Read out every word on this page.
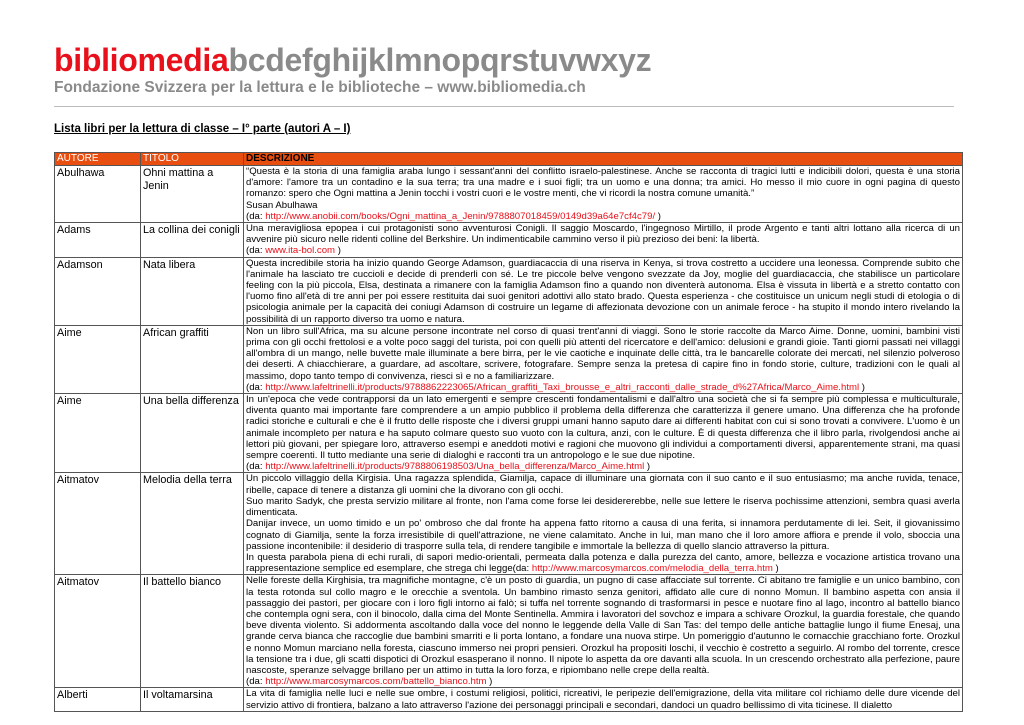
bibliomediabcdefghijklmnopqrstuvwxyz
Fondazione Svizzera per la lettura e le biblioteche – www.bibliomedia.ch
Lista libri per la lettura di classe – I° parte (autori A – I)
AUTORE	TITOLO	DESCRIZIONE
Abulhawa	Ohni mattina a Jenin	“Questa è la storia di una famiglia araba lungo i sessant'anni del conflitto israelo-palestinese. Anche se racconta di tragici lutti e indicibili dolori, questa è una storia d'amore: l'amore tra un contadino e la sua terra; tra una madre e i suoi figli; tra un uomo e una donna; tra amici. Ho messo il mio cuore in ogni pagina di questo romanzo: spero che Ogni mattina a Jenin tocchi i vostri cuori e le vostre menti, che vi ricordi la nostra comune umanità.”

Susan Abulhawa

(da: http://www.anobii.com/books/Ogni_mattina_a_Jenin/9788807018459/0149d39a64e7cf4c79/ )

Adams	La collina dei conigli	Una meravigliosa epopea i cui protagonisti sono avventurosi Conigli. Il saggio Moscardo, l'ingegnoso Mirtillo, il prode Argento e tanti altri lottano alla ricerca di un avvenire più sicuro nelle ridenti colline del Berkshire. Un indimenticabile cammino verso il più prezioso dei beni: la libertà.

(da: www.ita-bol.com )

Adamson	Nata libera	Questa incredibile storia ha inizio quando George Adamson, guardiacaccia di una riserva in Kenya, si trova costretto a uccidere una leonessa. Comprende subito che l'animale ha lasciato tre cuccioli e decide di prenderli con sé. Le tre piccole belve vengono svezzate da Joy, moglie del guardiacaccia, che stabilisce un particolare feeling con la più piccola, Elsa, destinata a rimanere con la famiglia Adamson fino a quando non diventerà autonoma. Elsa è vissuta in libertà e a stretto contatto con l'uomo fino all'età di tre anni per poi essere restituita dai suoi genitori adottivi allo stato brado. Questa esperienza - che costituisce un unicum negli studi di etologia o di psicologia animale per la capacità dei coniugi Adamson di costruire un legame di affezionata devozione con un animale feroce - ha stupito il mondo intero rivelando la possibilità di un rapporto diverso tra uomo e natura.

Aime	African graffiti	Non un libro sull'Africa, ma su alcune persone incontrate nel corso di quasi trent'anni di viaggi. Sono le storie raccolte da Marco Aime. Donne, uomini, bambini visti prima con gli occhi frettolosi e a volte poco saggi del turista, poi con quelli più attenti del ricercatore e dell'amico: delusioni e grandi gioie. Tanti giorni passati nei villaggi all'ombra di un mango, nelle buvette male illuminate a bere birra, per le vie caotiche e inquinate delle città, tra le bancarelle colorate dei mercati, nel silenzio polveroso dei deserti. A chiacchierare, a guardare, ad ascoltare, scrivere, fotografare. Sempre senza la pretesa di capire fino in fondo storie, culture, tradizioni con le quali al massimo, dopo tanto tempo di convivenza, riesci sì e no a familiarizzare.

(da: http://www.lafeltrinelli.it/products/9788862223065/African_graffiti_Taxi_brousse_e_altri_racconti_dalle_strade_d%27Africa/Marco_Aime.html )

Aime	Una bella differenza	In un'epoca che vede contrapporsi da un lato emergenti e sempre crescenti fondamentalismi e dall'altro una società che si fa sempre più complessa e multiculturale, diventa quanto mai importante fare comprendere a un ampio pubblico il problema della differenza che caratterizza il genere umano. Una differenza che ha profonde radici storiche e culturali e che è il frutto delle risposte che i diversi gruppi umani hanno saputo dare ai differenti habitat con cui si sono trovati a convivere. L'uomo è un animale incompleto per natura e ha saputo colmare questo suo vuoto con la cultura, anzi, con le culture. È di questa differenza che il libro parla, rivolgendosi anche ai lettori più giovani, per spiegare loro, attraverso esempi e aneddoti motivi e ragioni che muovono gli individui a comportamenti diversi, apparentemente strani, ma quasi sempre coerenti. Il tutto mediante una serie di dialoghi e racconti tra un antropologo e le sue due nipotine.

(da: http://www.lafeltrinelli.it/products/9788806198503/Una_bella_differenza/Marco_Aime.html )

Aitmatov	Melodia della terra	Un piccolo villaggio della Kirgisia. Una ragazza splendida, Giamilja, capace di illuminare una giornata con il suo canto e il suo entusiasmo; ma anche ruvida, tenace, ribelle, capace di tenere a distanza gli uomini che la divorano con gli occhi.

Suo marito Sadyk, che presta servizio militare al fronte, non l'ama come forse lei desidererebbe, nelle sue lettere le riserva pochissime attenzioni, sembra quasi averla dimenticata.

Danijar invece, un uomo timido e un po' ombroso che dal fronte ha appena fatto ritorno a causa di una ferita, si innamora perdutamente di lei. Seit, il giovanissimo cognato di Giamilja, sente la forza irresistibile di quell'attrazione, ne viene calamitato. Anche in lui, man mano che il loro amore affiora e prende il volo, sboccia una passione incontenibile: il desiderio di trasporre sulla tela, di rendere tangibile e immortale la bellezza di quello slancio attraverso la pittura.

In questa parabola piena di echi rurali, di sapori medio-orientali, permeata dalla potenza e dalla purezza del canto, amore, bellezza e vocazione artistica trovano una rappresentazione semplice ed esemplare, che strega chi legge

(da: http://www.marcosymarcos.com/melodia_della_terra.htm )
Aitmatov	Il battello bianco	Nelle foreste della Kirghisia, tra magnifiche montagne, c'è un posto di guardia, un pugno di case affacciate sul torrente. Ci abitano tre famiglie e un unico bambino, con la testa rotonda sul collo magro e le orecchie a sventola. Un bambino rimasto senza genitori, affidato alle cure di nonno Momun. Il bambino aspetta con ansia il passaggio dei pastori, per giocare con i loro figli intorno ai falò; si tuffa nel torrente sognando di trasformarsi in pesce e nuotare fino al lago, incontro al battello bianco che contempla ogni sera, con il binocolo, dalla cima del Monte Sentinella. Ammira i lavoratori del sovchoz e impara a schivare Orozkul, la guardia forestale, che quando beve diventa violento. Si addormenta ascoltando dalla voce del nonno le leggende della Valle di San Tas: del tempo delle antiche battaglie lungo il fiume Enesaj, una grande cerva bianca che raccoglie due bambini smarriti e li porta lontano, a fondare una nuova stirpe. Un pomeriggio d'autunno le cornacchie gracchiano forte. Orozkul e nonno Momun marciano nella foresta, ciascuno immerso nei propri pensieri. Orozkul ha propositi loschi, il vecchio è costretto a seguirlo. Al rombo del torrente, cresce la tensione tra i due, gli scatti dispotici di Orozkul esasperano il nonno. Il nipote lo aspetta da ore davanti alla scuola. In un crescendo orchestrato alla perfezione, paure nascoste, speranze selvagge brillano per un attimo in tutta la loro forza, e ripiombano nelle crepe della realtà.

(da: http://www.marcosymarcos.com/battello_bianco.htm )

Alberti	Il voltamarsina	La vita di famiglia nelle luci e nelle sue ombre, i costumi religiosi, politici, ricreativi, le peripezie dell'emigrazione, della vita militare col richiamo delle dure vicende del servizio attivo di frontiera, balzano a lato attraverso l'azione dei personaggi principali e secondari, dandoci un quadro bellissimo di vita ticinese. Il dialetto
